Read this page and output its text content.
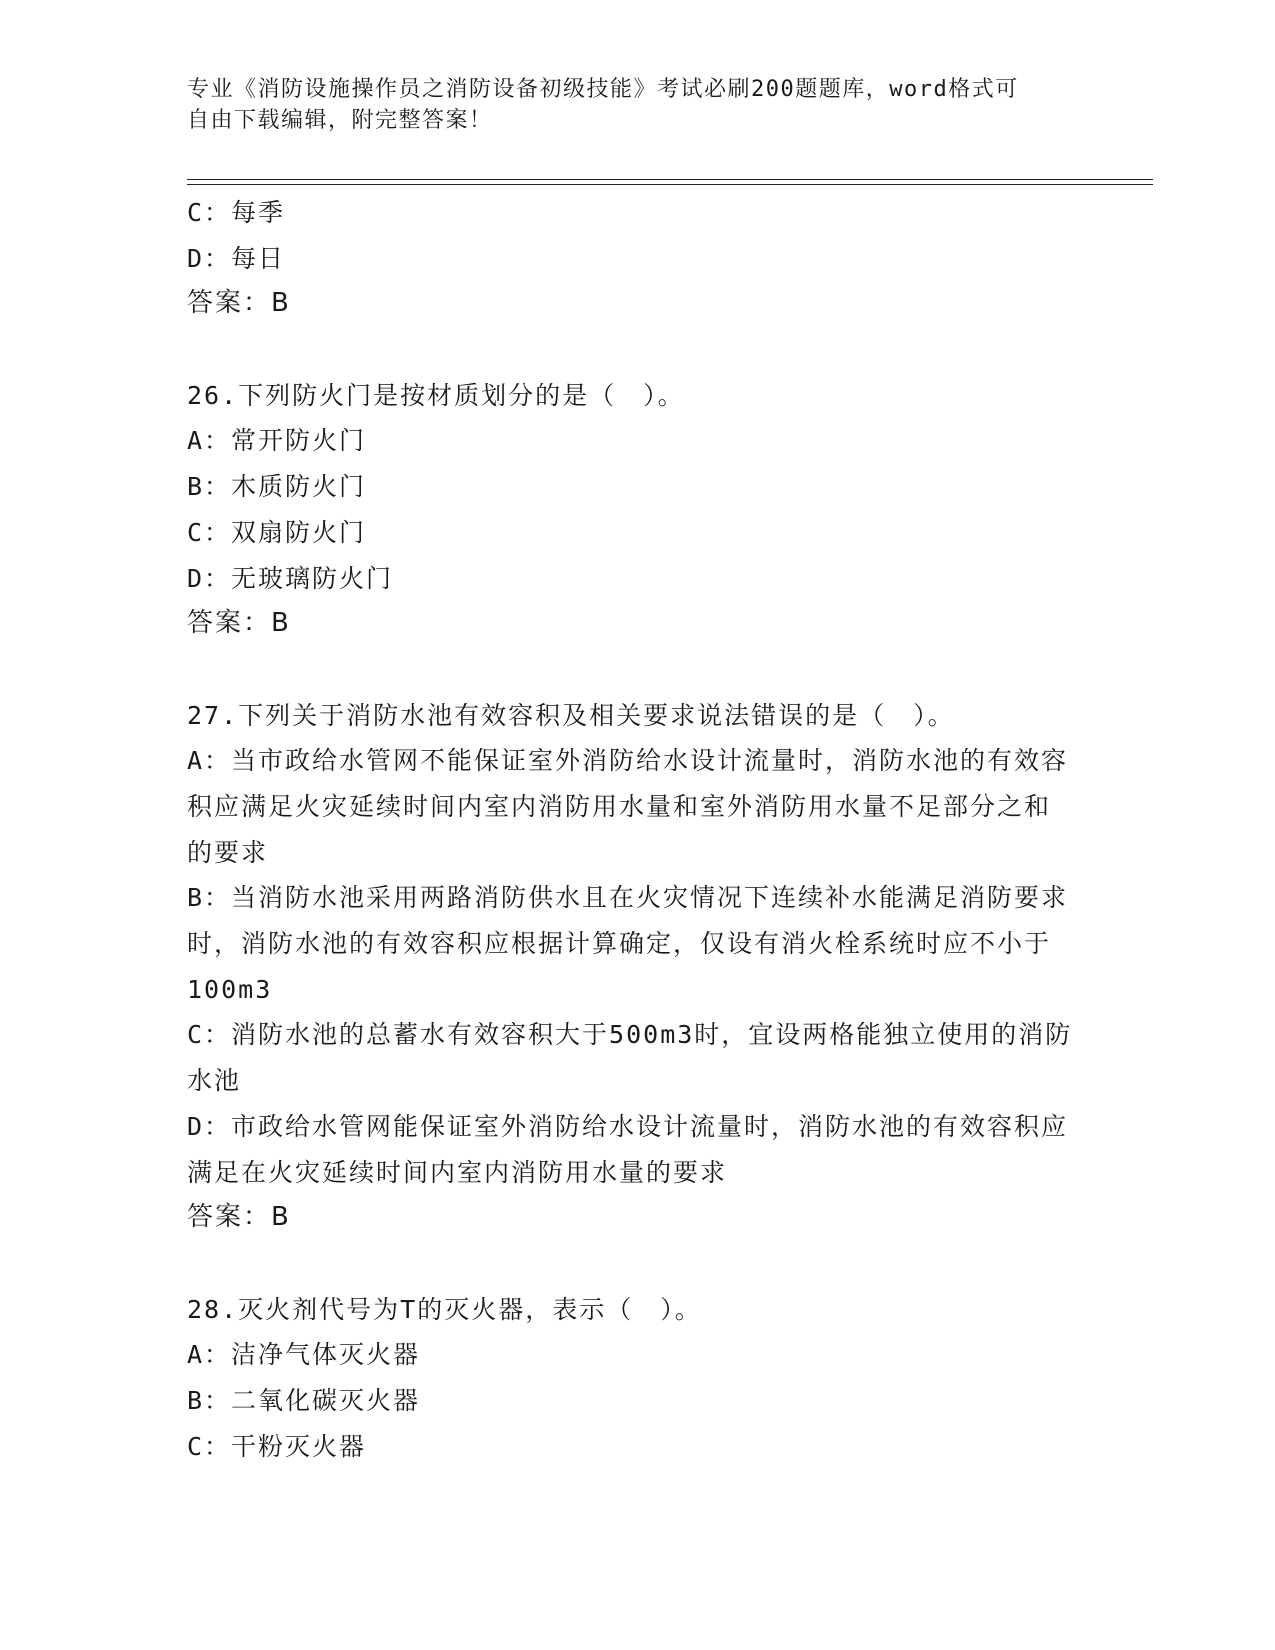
专业《消防设施操作员之消防设备初级技能》考试必刷200题题库，word格式可
自由下载编辑，附完整答案！
C：每季
D：每日
答案：B
26.下列防火门是按材质划分的是（　）。
A：常开防火门
B：木质防火门
C：双扇防火门
D：无玻璃防火门
答案：B
27.下列关于消防水池有效容积及相关要求说法错误的是（　）。
A：当市政给水管网不能保证室外消防给水设计流量时，消防水池的有效容积应满足火灾延续时间内室内消防用水量和室外消防用水量不足部分之和的要求
B：当消防水池采用两路消防供水且在火灾情况下连续补水能满足消防要求时，消防水池的有效容积应根据计算确定，仅设有消火栓系统时应不小于100m3
C：消防水池的总蓄水有效容积大于500m3时，宜设两格能独立使用的消防水池
D：市政给水管网能保证室外消防给水设计流量时，消防水池的有效容积应满足在火灾延续时间内室内消防用水量的要求
答案：B
28.灭火剂代号为T的灭火器，表示（　）。
A：洁净气体灭火器
B：二氧化碳灭火器
C：干粉灭火器
